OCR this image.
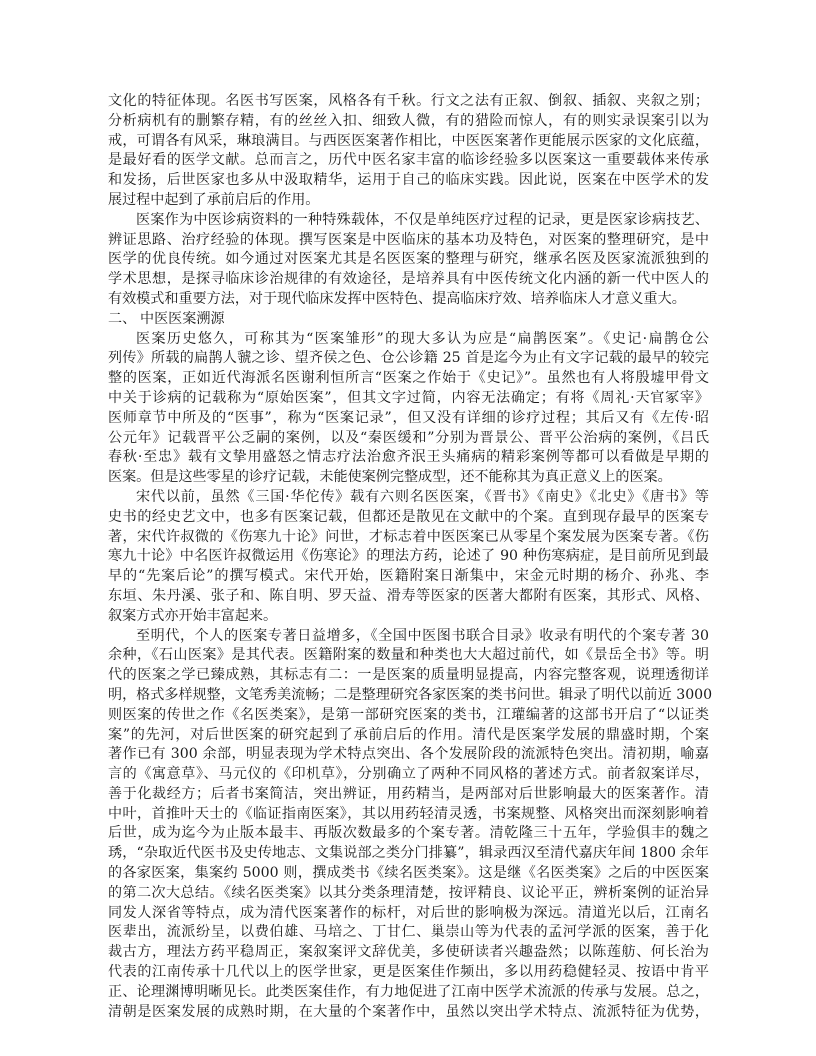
文化的特征体现。名医书写医案，风格各有千秋。行文之法有正叙、倒叙、插叙、夹叙之别；
分析病机有的删繁存精，有的丝丝入扣、细致人微，有的猎险而惊人，有的则实录误案引以为
戒，可谓各有风采，琳琅满目。与西医医案著作相比，中医医案著作更能展示医家的文化底蕴，
是最好看的医学文献。总而言之，历代中医名家丰富的临诊经验多以医案这一重要载体来传承
和发扬，后世医家也多从中汲取精华，运用于自己的临床实践。因此说，医案在中医学术的发
展过程中起到了承前启后的作用。
医案作为中医诊病资料的一种特殊载体，不仅是单纯医疗过程的记录，更是医家诊病技艺、
辨证思路、治疗经验的体现。撰写医案是中医临床的基本功及特色，对医案的整理研究，是中
医学的优良传统。如今通过对医案尤其是名医医案的整理与研究，继承名医及医家流派独到的
学术思想，是探寻临床诊治规律的有效途径，是培养具有中医传统文化内涵的新一代中医人的
有效模式和重要方法，对于现代临床发挥中医特色、提高临床疗效、培养临床人才意义重大。
二、 中医医案溯源
医案历史悠久，可称其为“医案雏形”的现大多认为应是“扁鹊医案”。《史记·扁鹊仓公
列传》所载的扁鹊人虢之诊、望齐侯之色、仓公诊籍 25 首是迄今为止有文字记载的最早的较完
整的医案，正如近代海派名医谢利恒所言“医案之作始于《史记》”。虽然也有人将殷墟甲骨文
中关于诊病的记载称为“原始医案”，但其文字过简，内容无法确定；有将《周礼·天官冢宰》
医师章节中所及的“医事”，称为“医案记录”，但又没有详细的诊疗过程；其后又有《左传·昭
公元年》记载晋平公乏嗣的案例，以及“秦医缓和”分别为晋景公、晋平公治病的案例，《吕氏
春秋·至忠》载有文挚用盛怒之情志疗法治愈齐泯王头痛病的精彩案例等都可以看做是早期的
医案。但是这些零星的诊疗记载，未能使案例完整成型，还不能称其为真正意义上的医案。
宋代以前，虽然《三国·华佗传》载有六则名医医案，《晋书》《南史》《北史》《唐书》等
史书的经史艺文中，也多有医案记载，但都还是散见在文献中的个案。直到现存最早的医案专
著，宋代许叔微的《伤寒九十论》问世，才标志着中医医案已从零星个案发展为医案专著。《伤
寒九十论》中名医许叔微运用《伤寒论》的理法方药，论述了 90 种伤寒病症，是目前所见到最
早的“先案后论”的撰写模式。宋代开始，医籍附案日渐集中，宋金元时期的杨介、孙兆、李
东垣、朱丹溪、张子和、陈自明、罗天益、滑寿等医家的医著大都附有医案，其形式、风格、
叙案方式亦开始丰富起来。
至明代，个人的医案专著日益增多，《全国中医图书联合目录》收录有明代的个案专著 30
余种，《石山医案》是其代表。医籍附案的数量和种类也大大超过前代，如《景岳全书》等。明
代的医案之学已臻成熟，其标志有二：一是医案的质量明显提高，内容完整客观，说理透彻详
明，格式多样规整，文笔秀美流畅；二是整理研究各家医案的类书问世。辑录了明代以前近 3000
则医案的传世之作《名医类案》，是第一部研究医案的类书，江瓘编著的这部书开启了“以证类
案”的先河，对后世医案的研究起到了承前启后的作用。清代是医案学发展的鼎盛时期，个案
著作已有 300 余部，明显表现为学术特点突出、各个发展阶段的流派特色突出。清初期，喻嘉
言的《寓意草》、马元仪的《印机草》，分别确立了两种不同风格的著述方式。前者叙案详尽，
善于化裁经方；后者书案简洁，突出辨证，用药精当，是两部对后世影响最大的医案著作。清
中叶，首推叶天士的《临证指南医案》，其以用药轻清灵透，书案规整、风格突出而深刻影响着
后世，成为迄今为止版本最丰、再版次数最多的个案专著。清乾隆三十五年，学验俱丰的魏之
琇，“杂取近代医书及史传地志、文集说部之类分门排纂”，辑录西汉至清代嘉庆年间 1800 余年
的各家医案，集案约 5000 则，撰成类书《续名医类案》。这是继《名医类案》之后的中医医案
的第二次大总结。《续名医类案》以其分类条理清楚，按评精良、议论平正，辨析案例的证治异
同发人深省等特点，成为清代医案著作的标杆，对后世的影响极为深远。清道光以后，江南名
医辈出，流派纷呈，以费伯雄、马培之、丁甘仁、巢崇山等为代表的孟河学派的医案，善于化
裁古方，理法方药平稳周正，案叙案评文辞优美，多使研读者兴趣盎然；以陈莲舫、何长治为
代表的江南传承十几代以上的医学世家，更是医案佳作频出，多以用药稳健轻灵、按语中肯平
正、论理渊博明晰见长。此类医案佳作，有力地促进了江南中医学术流派的传承与发展。总之，
清朝是医案发展的成熟时期，在大量的个案著作中，虽然以突出学术特点、流派特征为优势，
